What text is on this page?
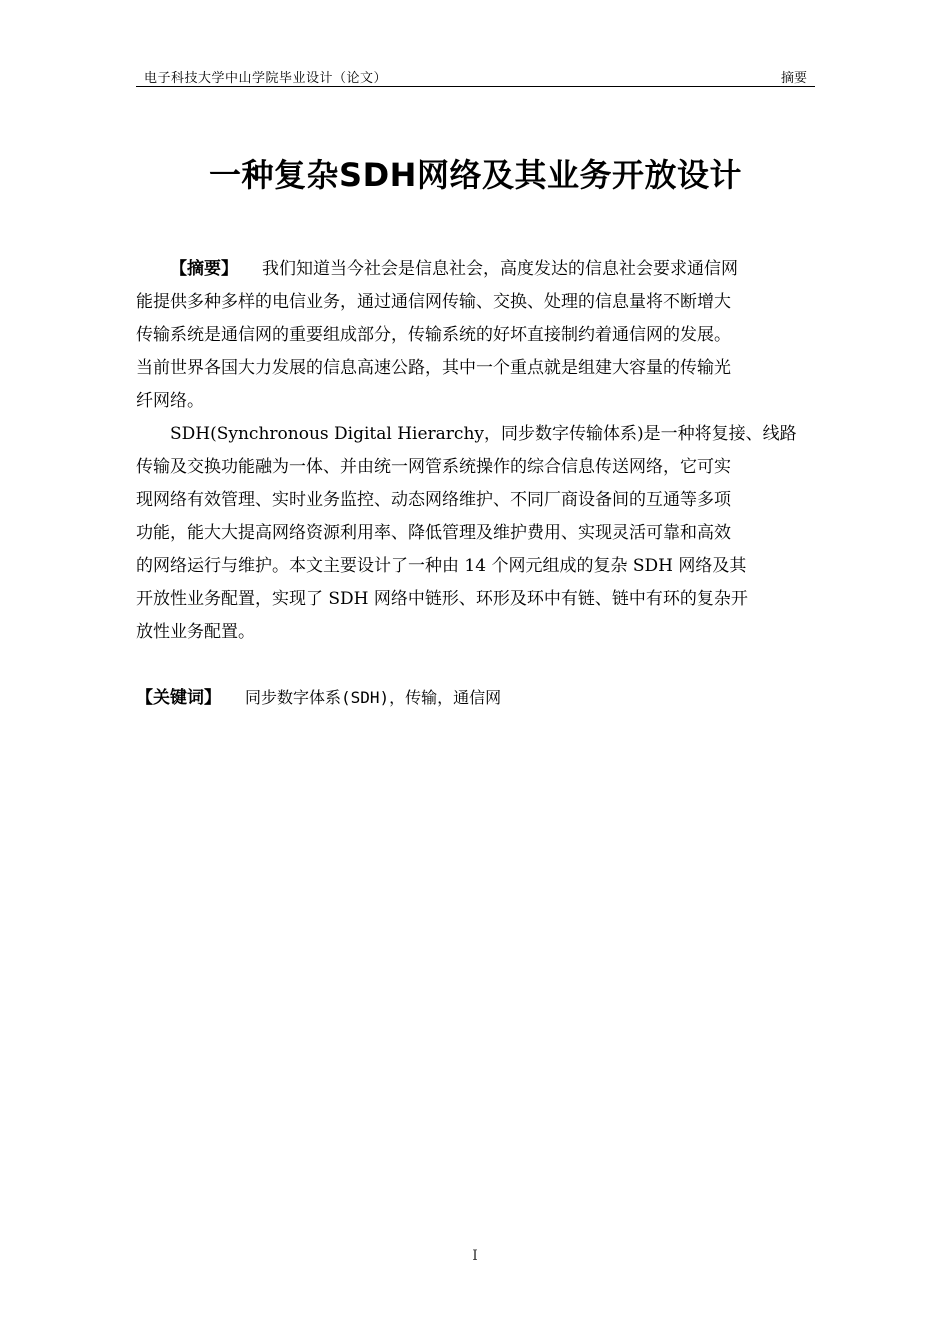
电子科技大学中山学院毕业设计（论文）	摘要
一种复杂SDH网络及其业务开放设计
【摘要】 我们知道当今社会是信息社会，高度发达的信息社会要求通信网
能提供多种多样的电信业务，通过通信网传输、交换、处理的信息量将不断增大
传输系统是通信网的重要组成部分，传输系统的好坏直接制约着通信网的发展。
当前世界各国大力发展的信息高速公路，其中一个重点就是组建大容量的传输光
纤网络。
SDH(Synchronous Digital Hierarchy，同步数字传输体系)是一种将复接、线路
传输及交换功能融为一体、并由统一网管系统操作的综合信息传送网络，它可实
现网络有效管理、实时业务监控、动态网络维护、不同厂商设备间的互通等多项
功能，能大大提高网络资源利用率、降低管理及维护费用、实现灵活可靠和高效
的网络运行与维护。本文主要设计了一种由 14 个网元组成的复杂 SDH 网络及其
开放性业务配置，实现了 SDH 网络中链形、环形及环中有链、链中有环的复杂开
放性业务配置。
【关键词】 同步数字体系(SDH)，传输，通信网
I
